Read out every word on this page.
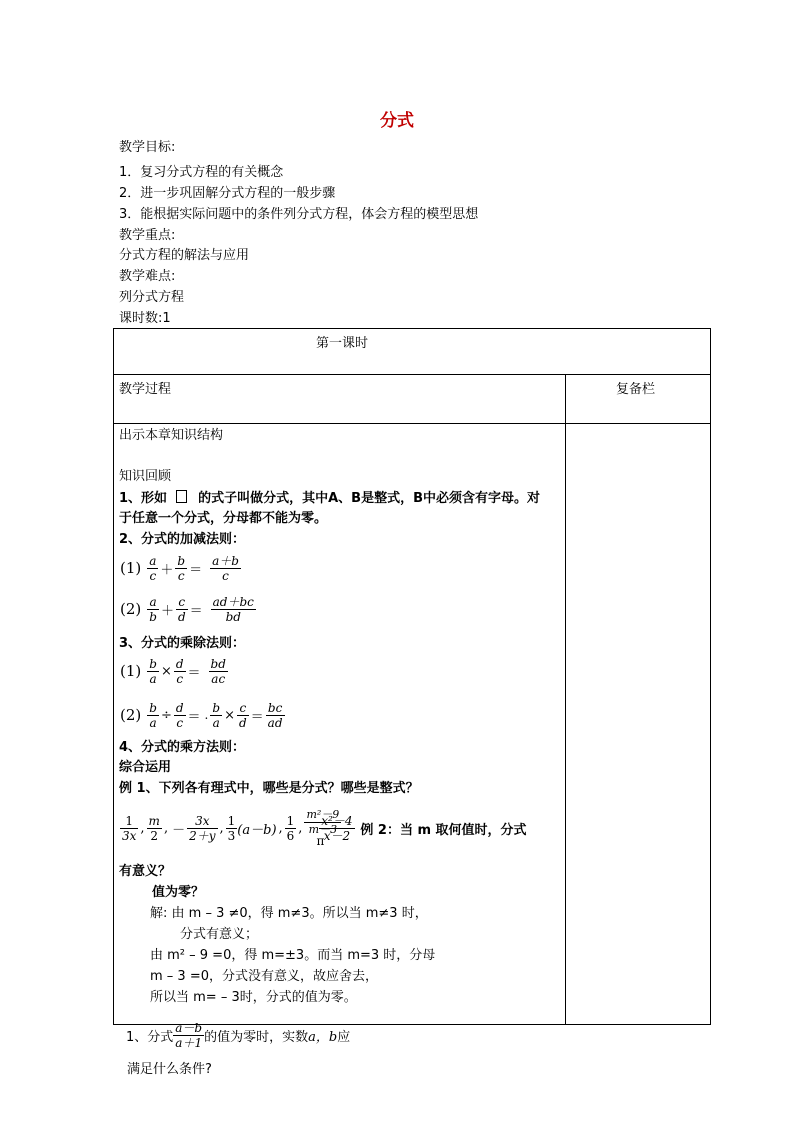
分式
教学目标:
1．复习分式方程的有关概念
2．进一步巩固解分式方程的一般步骤
3．能根据实际问题中的条件列分式方程，体会方程的模型思想
教学重点:
分式方程的解法与应用
教学难点:
列分式方程
课时数:1
第一课时	

教学过程	复备栏

出示本章知识结构
知识回顾
1、形如 的式子叫做分式，其中A、B是整式，B中必须含有字母。对
于任意一个分式，分母都不能为零。
2、分式的加减法则：
$(1) \frac{a}{c} + \frac{b}{c} = \frac{a+b}{c}$
$(2) \frac{a}{b} + \frac{c}{d} = \frac{ad+bc}{bd}$
3、分式的乘除法则：
$(1) \frac{b}{a} \times \frac{d}{c} = \frac{bd}{ac}$
$(2) \frac{b}{a} \div \frac{d}{c}$ ＝ . $\frac{b}{a} \times \frac{c}{d} = \frac{bc}{ad}$
4、分式的乘方法则：
综合运用
例 1、下列各有理式中，哪些是分式？哪些是整式？
$\frac{1}{3x}$ , $\frac{m}{2}$ , － $\frac{3x}{2+y}$ , $\frac{1}{3} (a-b)$ , $\frac{1}{6}$ , $\frac{\text{m²－9}}{m-3}$
$\frac{\text{x²－4}}{x-2}$

π
例 2：当 m 取何值时，分式
有意义？
值为零？
解: 由 m – 3 ≠0，得 m≠3。所以当 m≠3 时，
分式有意义；
由 m² – 9 =0，得 m=±3。而当 m=3 时，分母
m – 3 =0，分式没有意义，故应舍去，
所以当 m= – 3时，分式的值为零。
1、分式 $\frac{a-b}{a+1}$ 的值为零时，实数 a，b 应
满足什么条件?
